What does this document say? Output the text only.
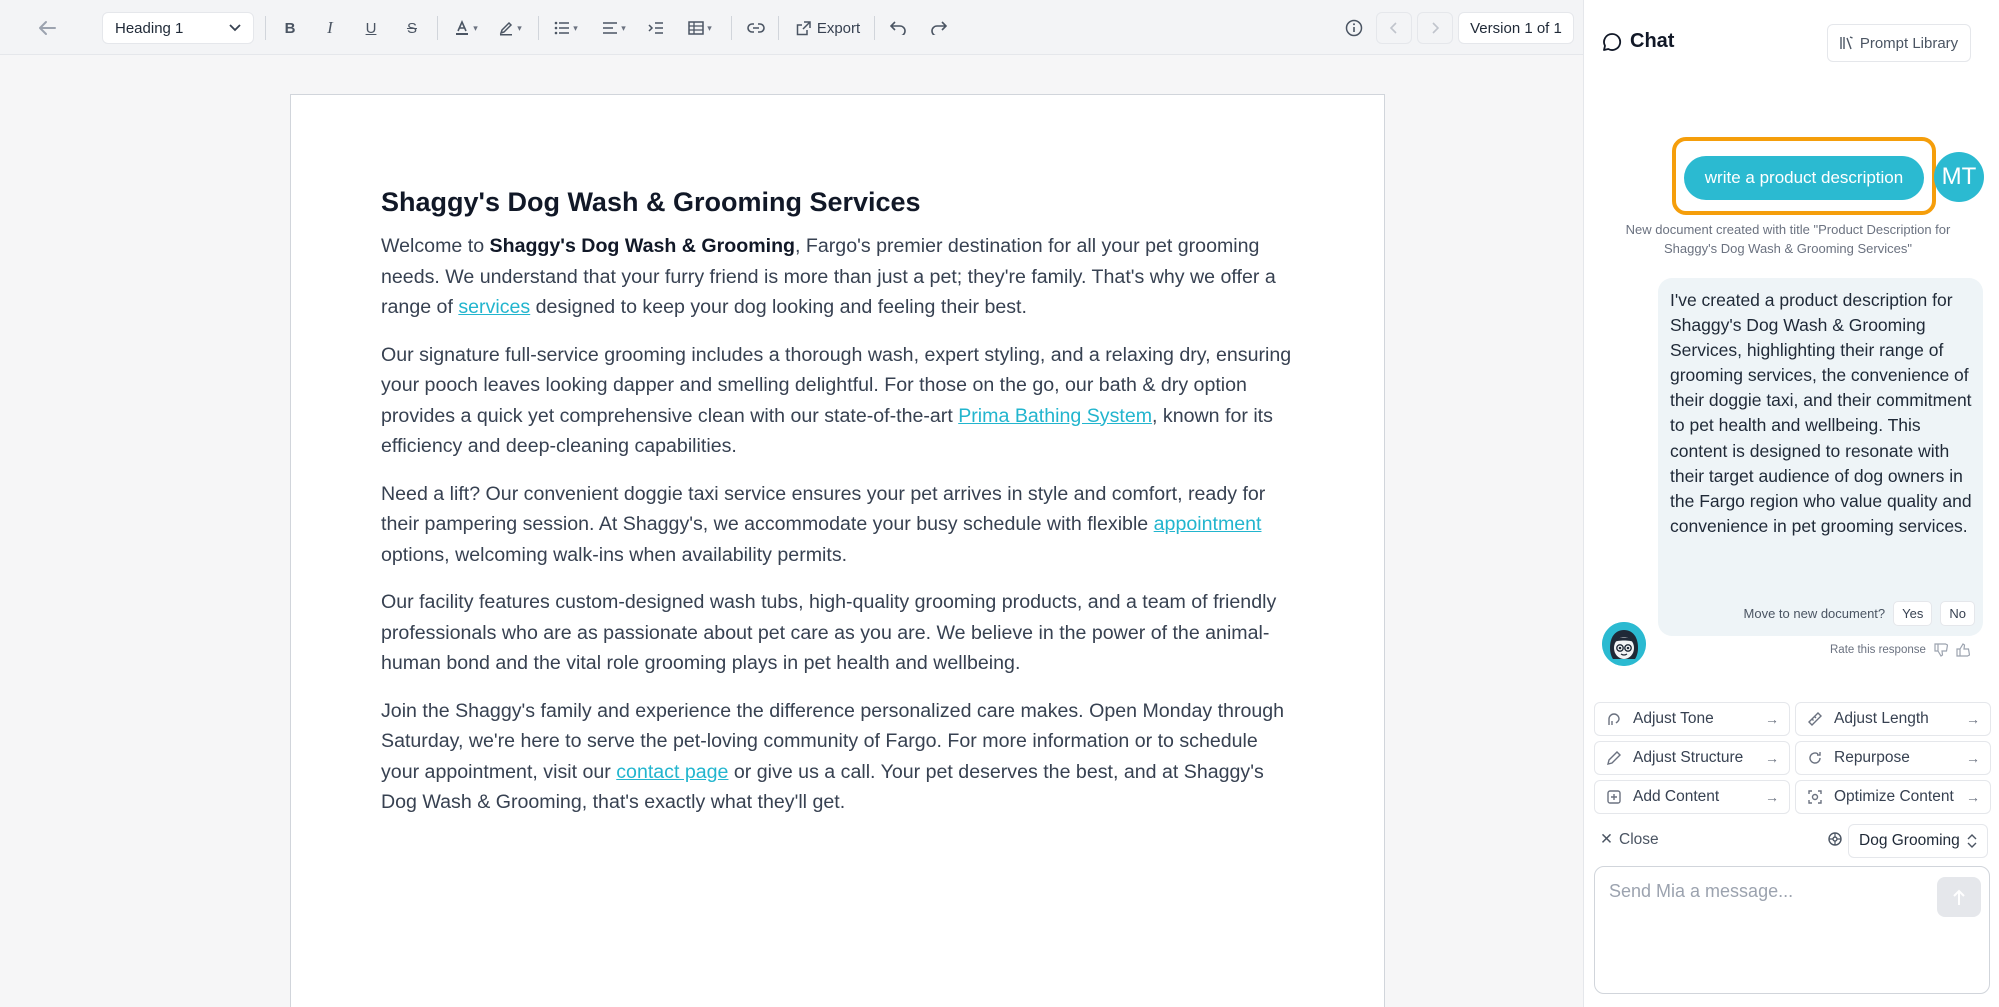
Heading 1	B	I	U	S	▾	▾	▾	▾	▾	Export	Version 1 of 1
Shaggy's Dog Wash & Grooming Services

Welcome to Shaggy's Dog Wash & Grooming, Fargo's premier destination for all your pet grooming needs. We understand that your furry friend is more than just a pet; they're family. That's why we offer a range of services designed to keep your dog looking and feeling their best.

Our signature full-service grooming includes a thorough wash, expert styling, and a relaxing dry, ensuring your pooch leaves looking dapper and smelling delightful. For those on the go, our bath & dry option provides a quick yet comprehensive clean with our state-of-the-art Prima Bathing System, known for its efficiency and deep-cleaning capabilities.

Need a lift? Our convenient doggie taxi service ensures your pet arrives in style and comfort, ready for their pampering session. At Shaggy's, we accommodate your busy schedule with flexible appointment options, welcoming walk-ins when availability permits.

Our facility features custom-designed wash tubs, high-quality grooming products, and a team of friendly professionals who are as passionate about pet care as you are. We believe in the power of the animal-human bond and the vital role grooming plays in pet health and wellbeing.

Join the Shaggy's family and experience the difference personalized care makes. Open Monday through Saturday, we're here to serve the pet-loving community of Fargo. For more information or to schedule your appointment, visit our contact page or give us a call. Your pet deserves the best, and at Shaggy's Dog Wash & Grooming, that's exactly what they'll get.

Chat	Prompt Library
write a product description	MT
New document created with title "Product Description for Shaggy's Dog Wash & Grooming Services"
I've created a product description for Shaggy's Dog Wash & Grooming Services, highlighting their range of grooming services, the convenience of their doggie taxi, and their commitment to pet health and wellbeing. This content is designed to resonate with their target audience of dog owners in the Fargo region who value quality and convenience in pet grooming services.
Move to new document?	Yes	No
Rate this response
Adjust Tone	→	Adjust Length	→
Adjust Structure →	Repurpose	→
Add Content	→	Optimize Content →
✕ Close	Dog Grooming
Send Mia a message...
